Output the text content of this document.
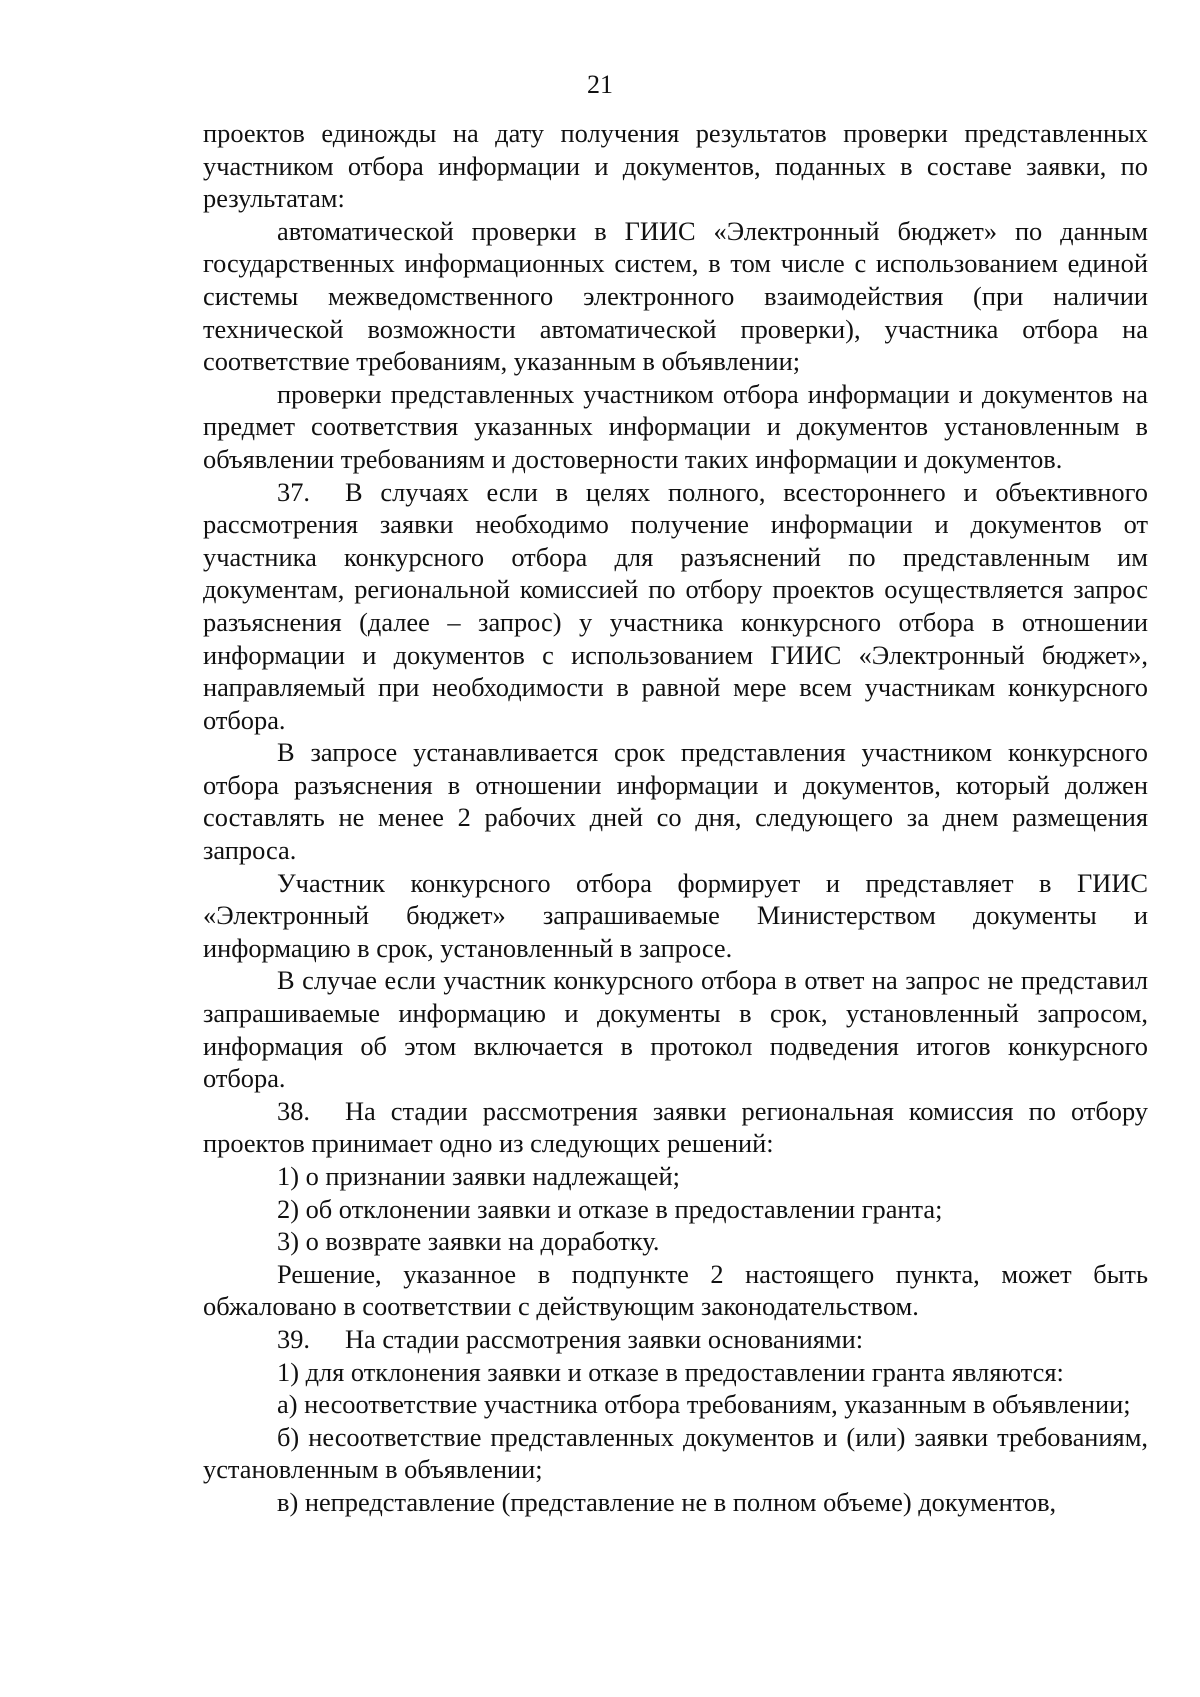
21

проектов единожды на дату получения результатов проверки представленных участником отбора информации и документов, поданных в составе заявки, по результатам:

автоматической проверки в ГИИС «Электронный бюджет» по данным государственных информационных систем, в том числе с использованием единой системы межведомственного электронного взаимодействия (при наличии технической возможности автоматической проверки), участника отбора на соответствие требованиям, указанным в объявлении;

проверки представленных участником отбора информации и документов на предмет соответствия указанных информации и документов установленным в объявлении требованиям и достоверности таких информации и документов.

37. В случаях если в целях полного, всестороннего и объективного рассмотрения заявки необходимо получение информации и документов от участника конкурсного отбора для разъяснений по представленным им документам, региональной комиссией по отбору проектов осуществляется запрос разъяснения (далее – запрос) у участника конкурсного отбора в отношении информации и документов с использованием ГИИС «Электронный бюджет», направляемый при необходимости в равной мере всем участникам конкурсного отбора.

В запросе устанавливается срок представления участником конкурсного отбора разъяснения в отношении информации и документов, который должен составлять не менее 2 рабочих дней со дня, следующего за днем размещения запроса.

Участник конкурсного отбора формирует и представляет в ГИИС «Электронный бюджет» запрашиваемые Министерством документы и информацию в срок, установленный в запросе.

В случае если участник конкурсного отбора в ответ на запрос не представил запрашиваемые информацию и документы в срок, установленный запросом, информация об этом включается в протокол подведения итогов конкурсного отбора.

38. На стадии рассмотрения заявки региональная комиссия по отбору проектов принимает одно из следующих решений:

1) о признании заявки надлежащей;

2) об отклонении заявки и отказе в предоставлении гранта;

3) о возврате заявки на доработку.

Решение, указанное в подпункте 2 настоящего пункта, может быть обжаловано в соответствии с действующим законодательством.

39. На стадии рассмотрения заявки основаниями:

1) для отклонения заявки и отказе в предоставлении гранта являются:

а) несоответствие участника отбора требованиям, указанным в объявлении;

б) несоответствие представленных документов и (или) заявки требованиям, установленным в объявлении;

в) непредставление (представление не в полном объеме) документов,
